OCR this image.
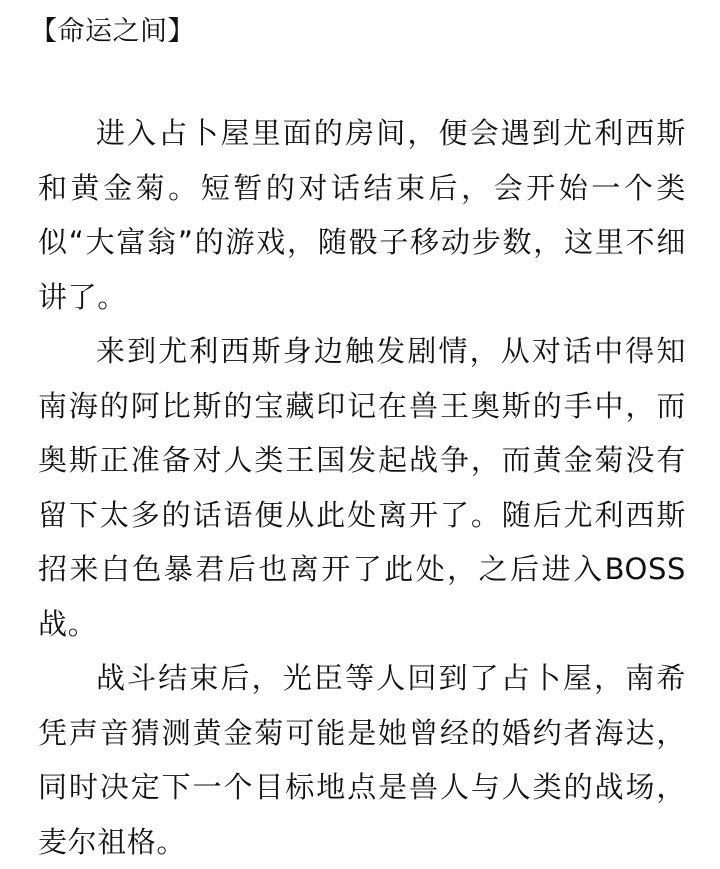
【命运之间】

进入占卜屋里面的房间，便会遇到尤利西斯和黄金菊。短暂的对话结束后，会开始一个类似“大富翁”的游戏，随骰子移动步数，这里不细讲了。

来到尤利西斯身边触发剧情，从对话中得知南海的阿比斯的宝藏印记在兽王奥斯的手中，而奥斯正准备对人类王国发起战争，而黄金菊没有留下太多的话语便从此处离开了。随后尤利西斯招来白色暴君后也离开了此处，之后进入BOSS战。

战斗结束后，光臣等人回到了占卜屋，南希凭声音猜测黄金菊可能是她曾经的婚约者海达，同时决定下一个目标地点是兽人与人类的战场，麦尔祖格。
